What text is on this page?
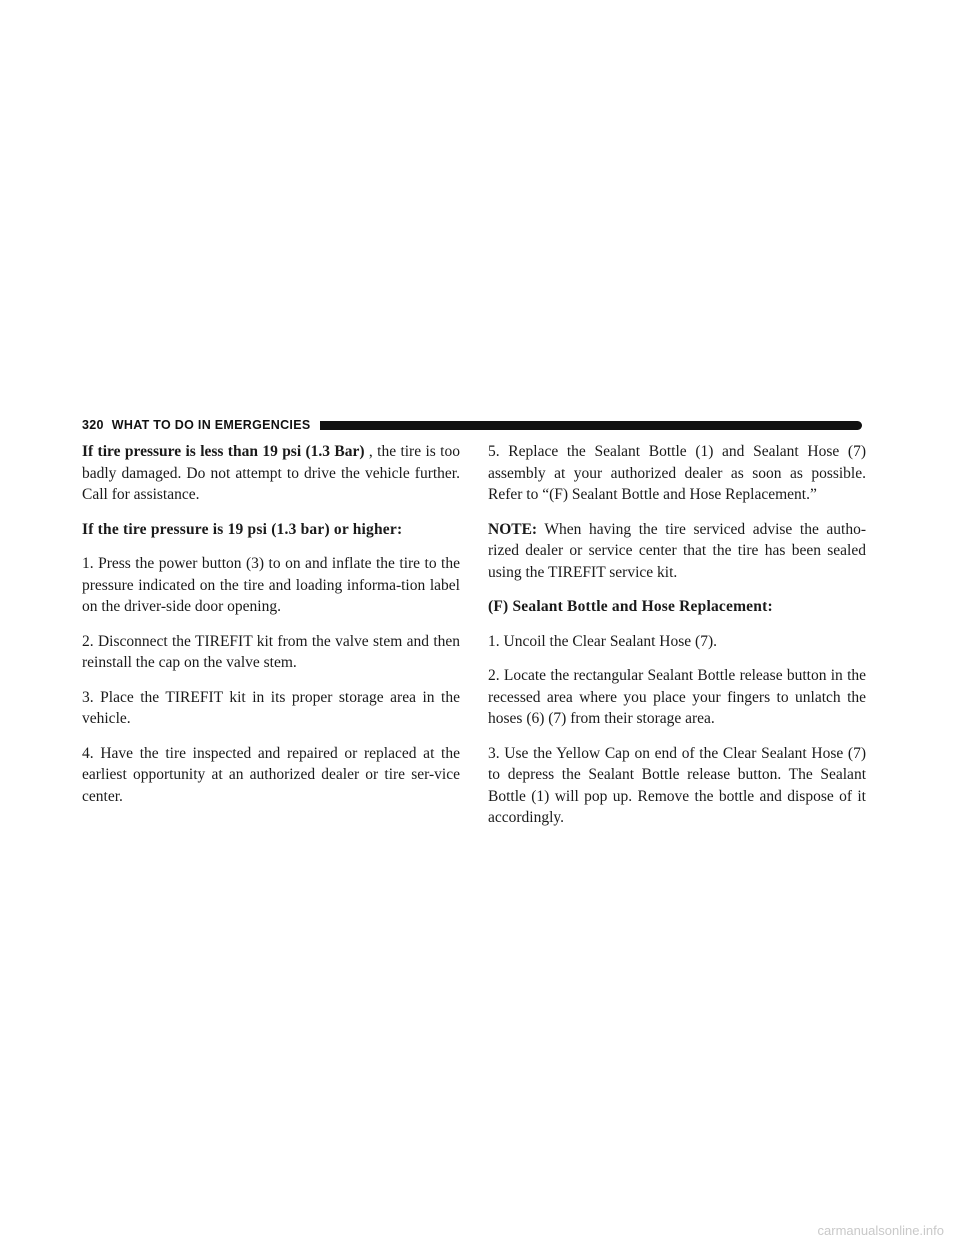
320 WHAT TO DO IN EMERGENCIES

If tire pressure is less than 19 psi (1.3 Bar) , the tire is too badly damaged. Do not attempt to drive the vehicle further. Call for assistance.

If the tire pressure is 19 psi (1.3 bar) or higher:

1. Press the power button (3) to on and inflate the tire to the pressure indicated on the tire and loading informa-tion label on the driver-side door opening.

2. Disconnect the TIREFIT kit from the valve stem and then reinstall the cap on the valve stem.

3. Place the TIREFIT kit in its proper storage area in the vehicle.

4. Have the tire inspected and repaired or replaced at the earliest opportunity at an authorized dealer or tire ser-vice center.

5. Replace the Sealant Bottle (1) and Sealant Hose (7) assembly at your authorized dealer as soon as possible. Refer to “(F) Sealant Bottle and Hose Replacement.”

NOTE: When having the tire serviced advise the autho-rized dealer or service center that the tire has been sealed using the TIREFIT service kit.

(F) Sealant Bottle and Hose Replacement:

1. Uncoil the Clear Sealant Hose (7).

2. Locate the rectangular Sealant Bottle release button in the recessed area where you place your fingers to unlatch the hoses (6) (7) from their storage area.

3. Use the Yellow Cap on end of the Clear Sealant Hose (7) to depress the Sealant Bottle release button. The Sealant Bottle (1) will pop up. Remove the bottle and dispose of it accordingly.

carmanualsonline.info
